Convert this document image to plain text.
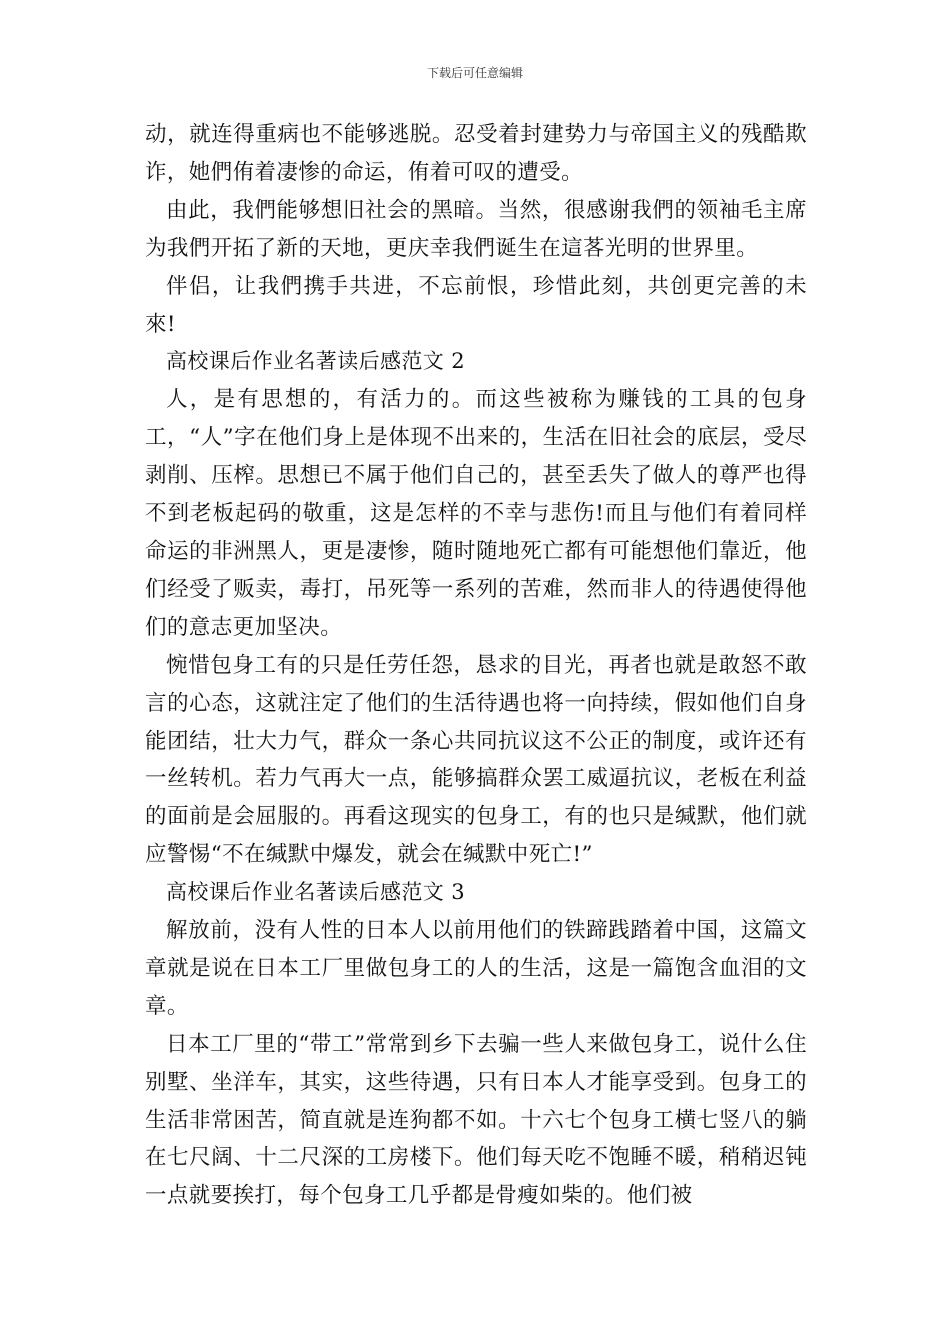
下载后可任意编辑

动，就连得重病也不能够逃脱。忍受着封建势力与帝国主义的残酷欺诈，她們侑着凄惨的命运，侑着可叹的遭受。

由此，我們能够想旧社会的黑暗。当然，很感谢我們的领袖毛主席为我們开拓了新的天地，更庆幸我們诞生在這茖光明的世界里。

伴侣，让我們携手共进，不忘前恨，珍惜此刻，共创更完善的未來!

高校课后作业名著读后感范文 2

人，是有思想的，有活力的。而这些被称为赚钱的工具的包身工，“人”字在他们身上是体现不出来的，生活在旧社会的底层，受尽剥削、压榨。思想已不属于他们自己的，甚至丢失了做人的尊严也得不到老板起码的敬重，这是怎样的不幸与悲伤!而且与他们有着同样命运的非洲黑人，更是凄惨，随时随地死亡都有可能想他们靠近，他们经受了贩卖，毒打，吊死等一系列的苦难，然而非人的待遇使得他们的意志更加坚决。

惋惜包身工有的只是任劳任怨，恳求的目光，再者也就是敢怒不敢言的心态，这就注定了他们的生活待遇也将一向持续，假如他们自身能团结，壮大力气，群众一条心共同抗议这不公正的制度，或许还有一丝转机。若力气再大一点，能够搞群众罢工威逼抗议，老板在利益的面前是会屈服的。再看这现实的包身工，有的也只是缄默，他们就应警惕“不在缄默中爆发，就会在缄默中死亡!”

高校课后作业名著读后感范文 3

解放前，没有人性的日本人以前用他们的铁蹄践踏着中国，这篇文章就是说在日本工厂里做包身工的人的生活，这是一篇饱含血泪的文章。

日本工厂里的“带工”常常到乡下去骗一些人来做包身工，说什么住别墅、坐洋车，其实，这些待遇，只有日本人才能享受到。包身工的生活非常困苦，简直就是连狗都不如。十六七个包身工横七竖八的躺在七尺阔、十二尺深的工房楼下。他们每天吃不饱睡不暖，稍稍迟钝一点就要挨打，每个包身工几乎都是骨瘦如柴的。他们被
